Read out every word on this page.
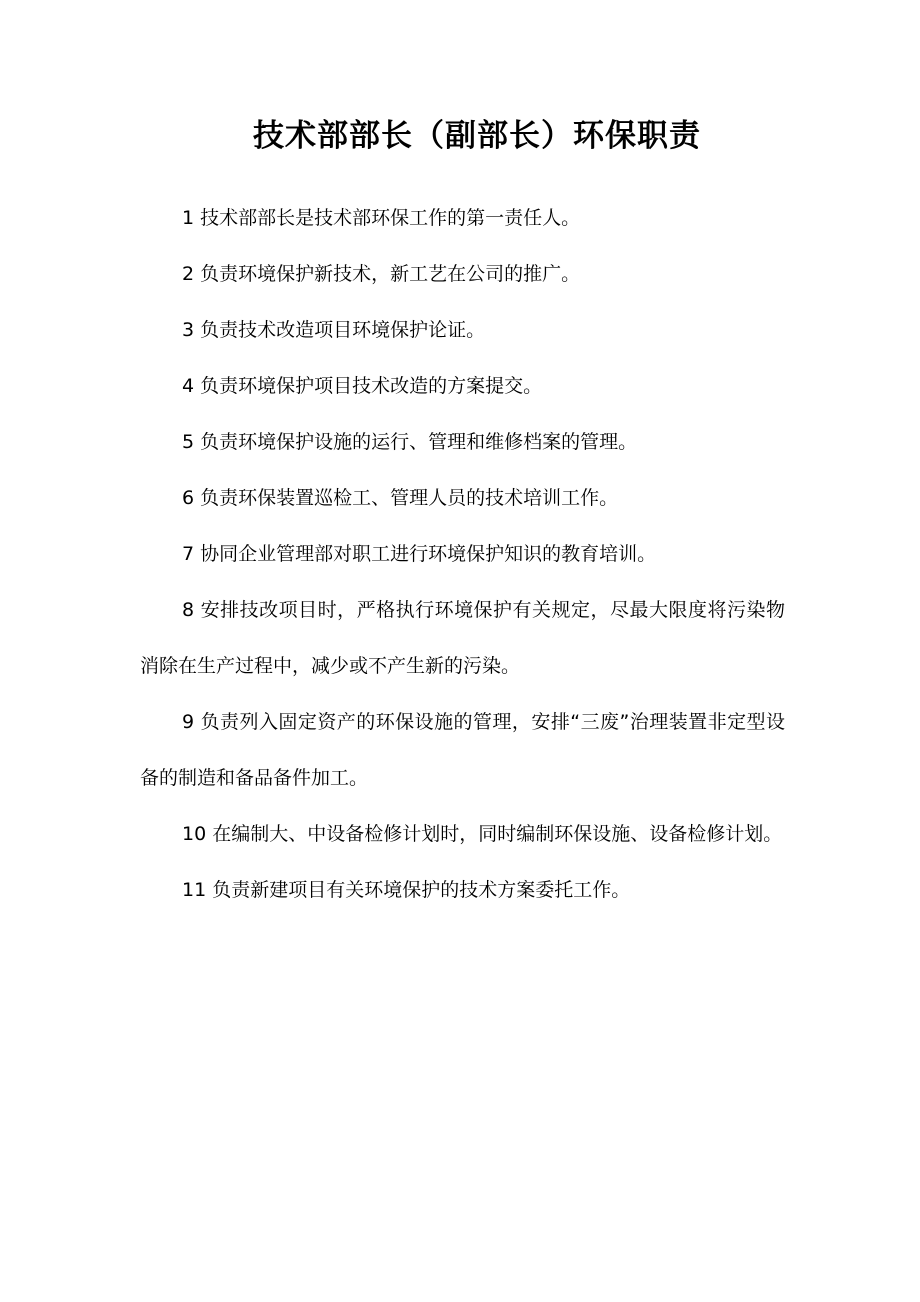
技术部部长（副部长）环保职责

1 技术部部长是技术部环保工作的第一责任人。

2 负责环境保护新技术，新工艺在公司的推广。

3 负责技术改造项目环境保护论证。

4 负责环境保护项目技术改造的方案提交。

5 负责环境保护设施的运行、管理和维修档案的管理。

6 负责环保装置巡检工、管理人员的技术培训工作。

7 协同企业管理部对职工进行环境保护知识的教育培训。

8 安排技改项目时，严格执行环境保护有关规定，尽最大限度将污染物消除在生产过程中，减少或不产生新的污染。

9 负责列入固定资产的环保设施的管理，安排“三废”治理装置非定型设备的制造和备品备件加工。

10 在编制大、中设备检修计划时，同时编制环保设施、设备检修计划。

11 负责新建项目有关环境保护的技术方案委托工作。
